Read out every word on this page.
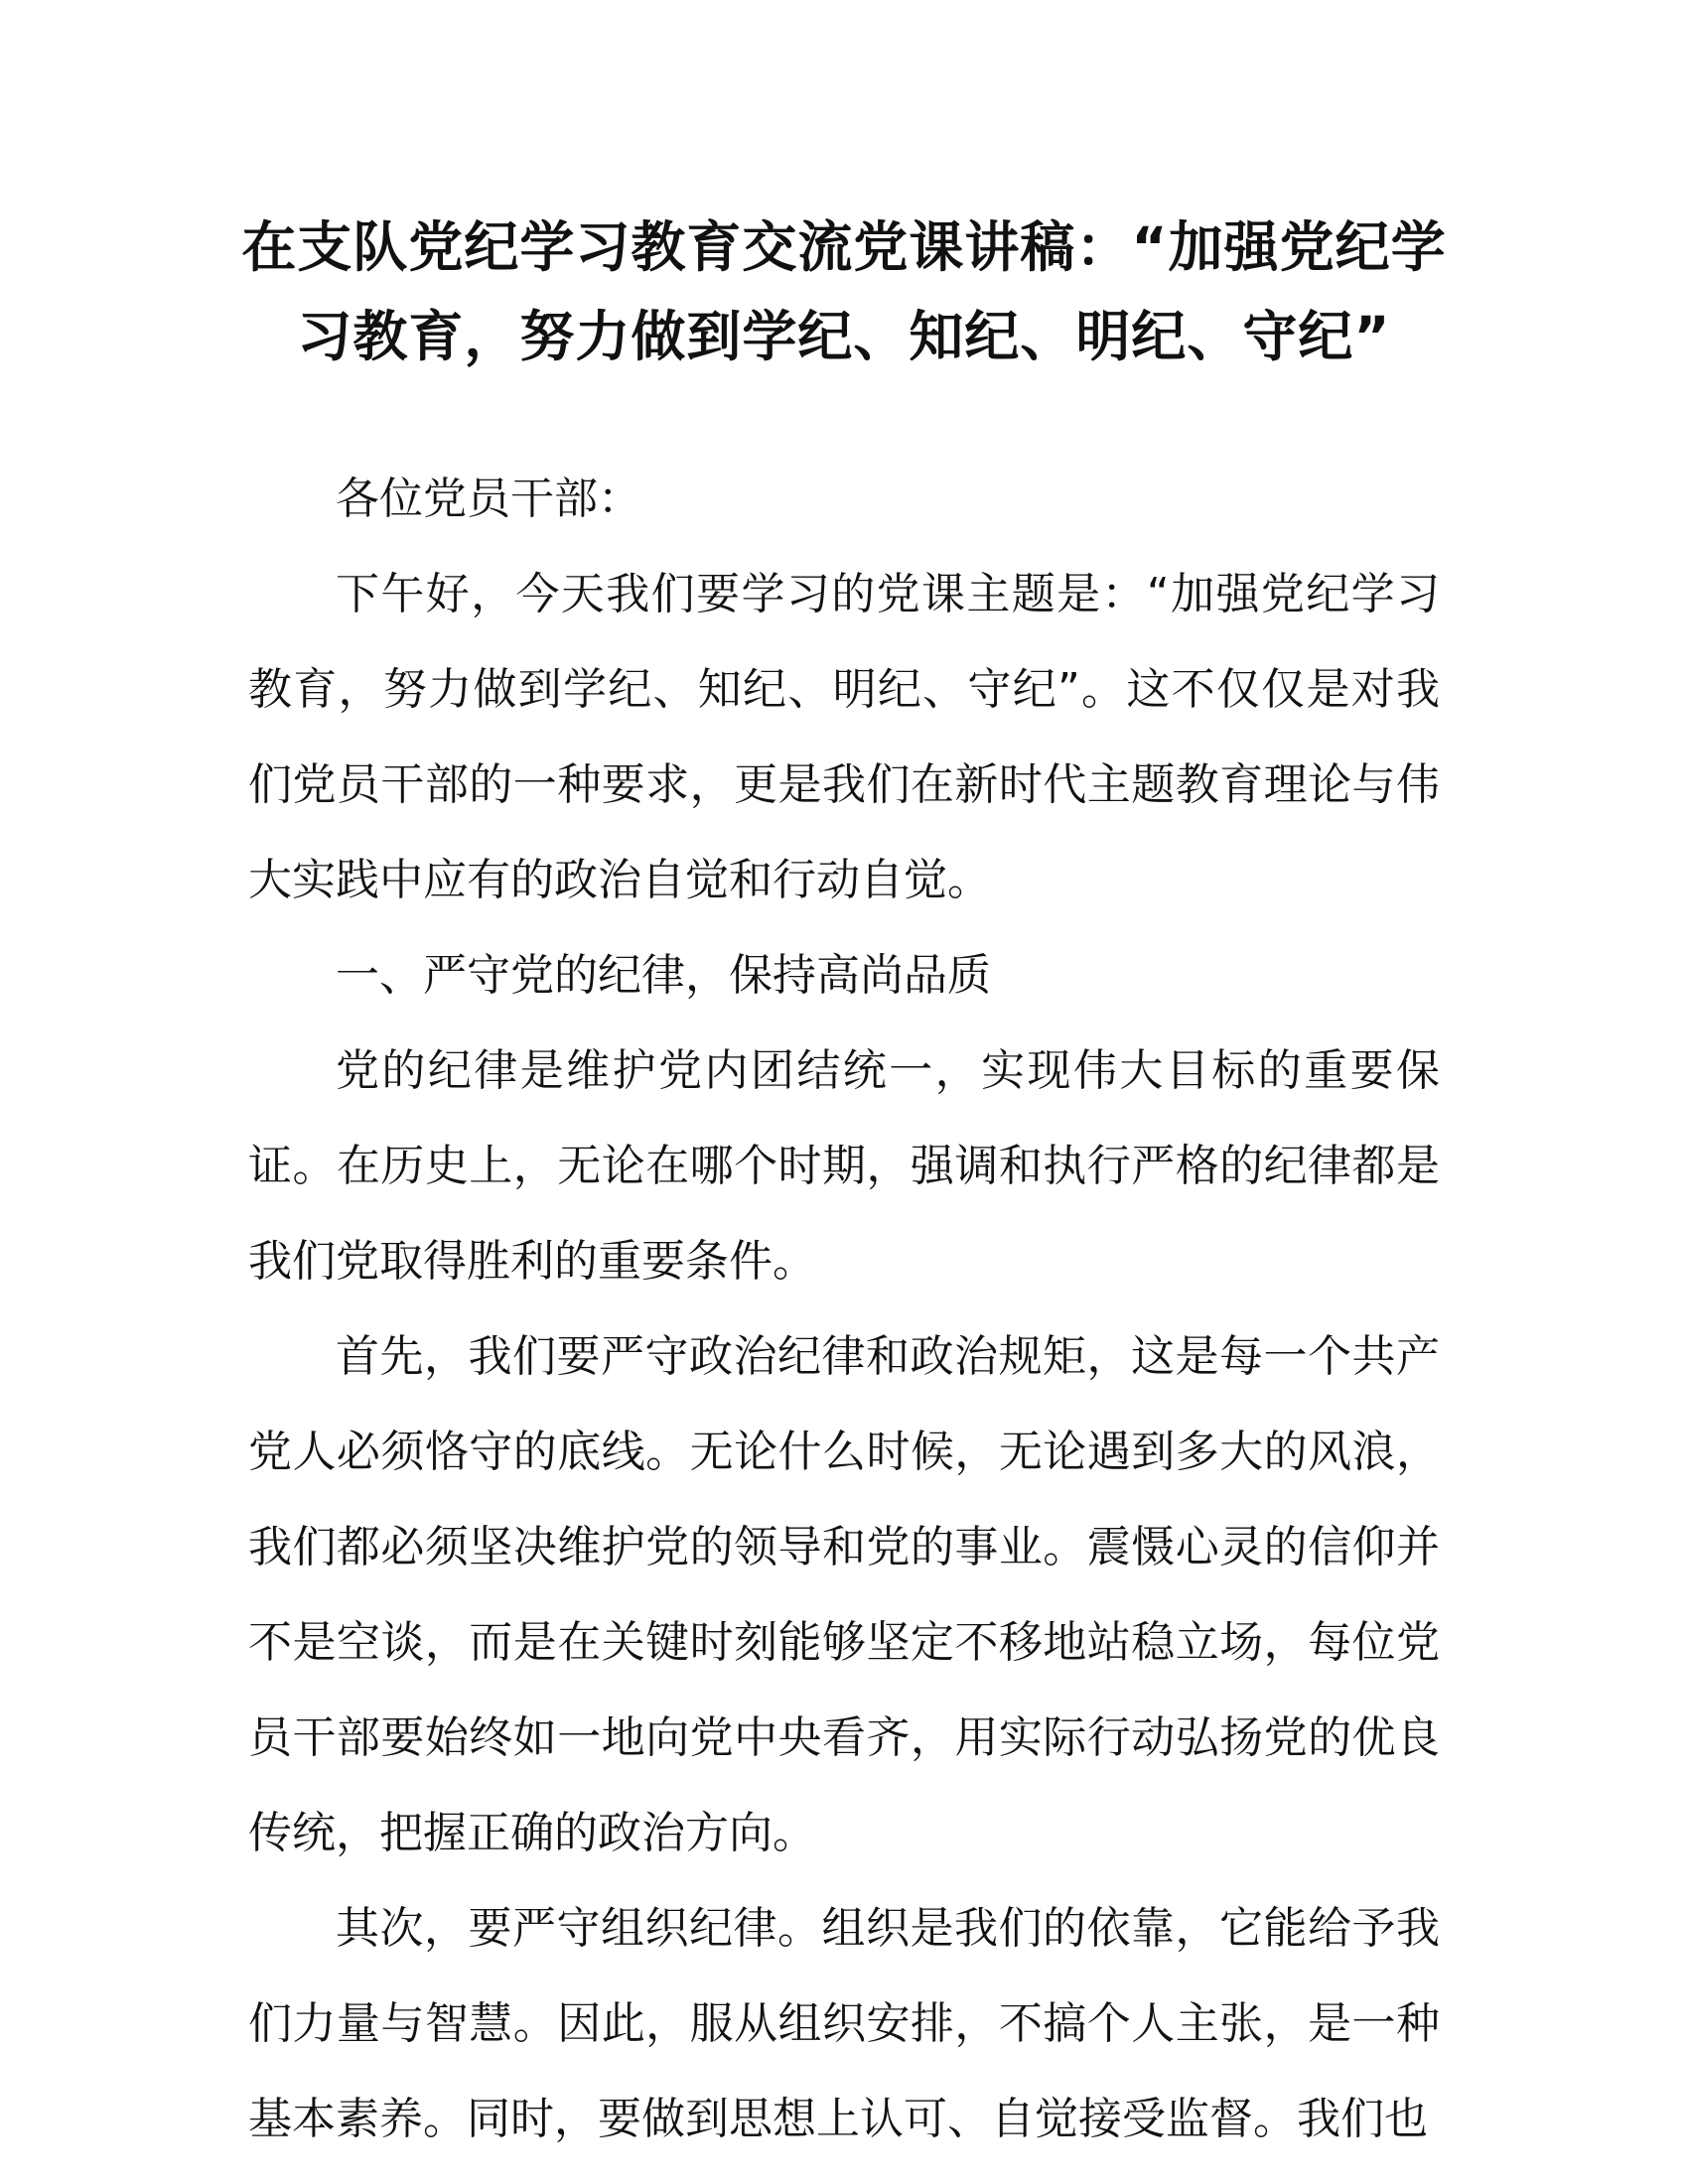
在支队党纪学习教育交流党课讲稿：“加强党纪学习教育，努力做到学纪、知纪、明纪、守纪”

各位党员干部：

下午好，今天我们要学习的党课主题是：“加强党纪学习教育，努力做到学纪、知纪、明纪、守纪”。这不仅仅是对我们党员干部的一种要求，更是我们在新时代主题教育理论与伟大实践中应有的政治自觉和行动自觉。

一、严守党的纪律，保持高尚品质

党的纪律是维护党内团结统一，实现伟大目标的重要保证。在历史上，无论在哪个时期，强调和执行严格的纪律都是我们党取得胜利的重要条件。

首先，我们要严守政治纪律和政治规矩，这是每一个共产党人必须恪守的底线。无论什么时候，无论遇到多大的风浪，我们都必须坚决维护党的领导和党的事业。震慑心灵的信仰并不是空谈，而是在关键时刻能够坚定不移地站稳立场，每位党员干部要始终如一地向党中央看齐，用实际行动弘扬党的优良传统，把握正确的政治方向。

其次，要严守组织纪律。组织是我们的依靠，它能给予我们力量与智慧。因此，服从组织安排，不搞个人主张，是一种基本素养。同时，要做到思想上认可、自觉接受监督。我们也
